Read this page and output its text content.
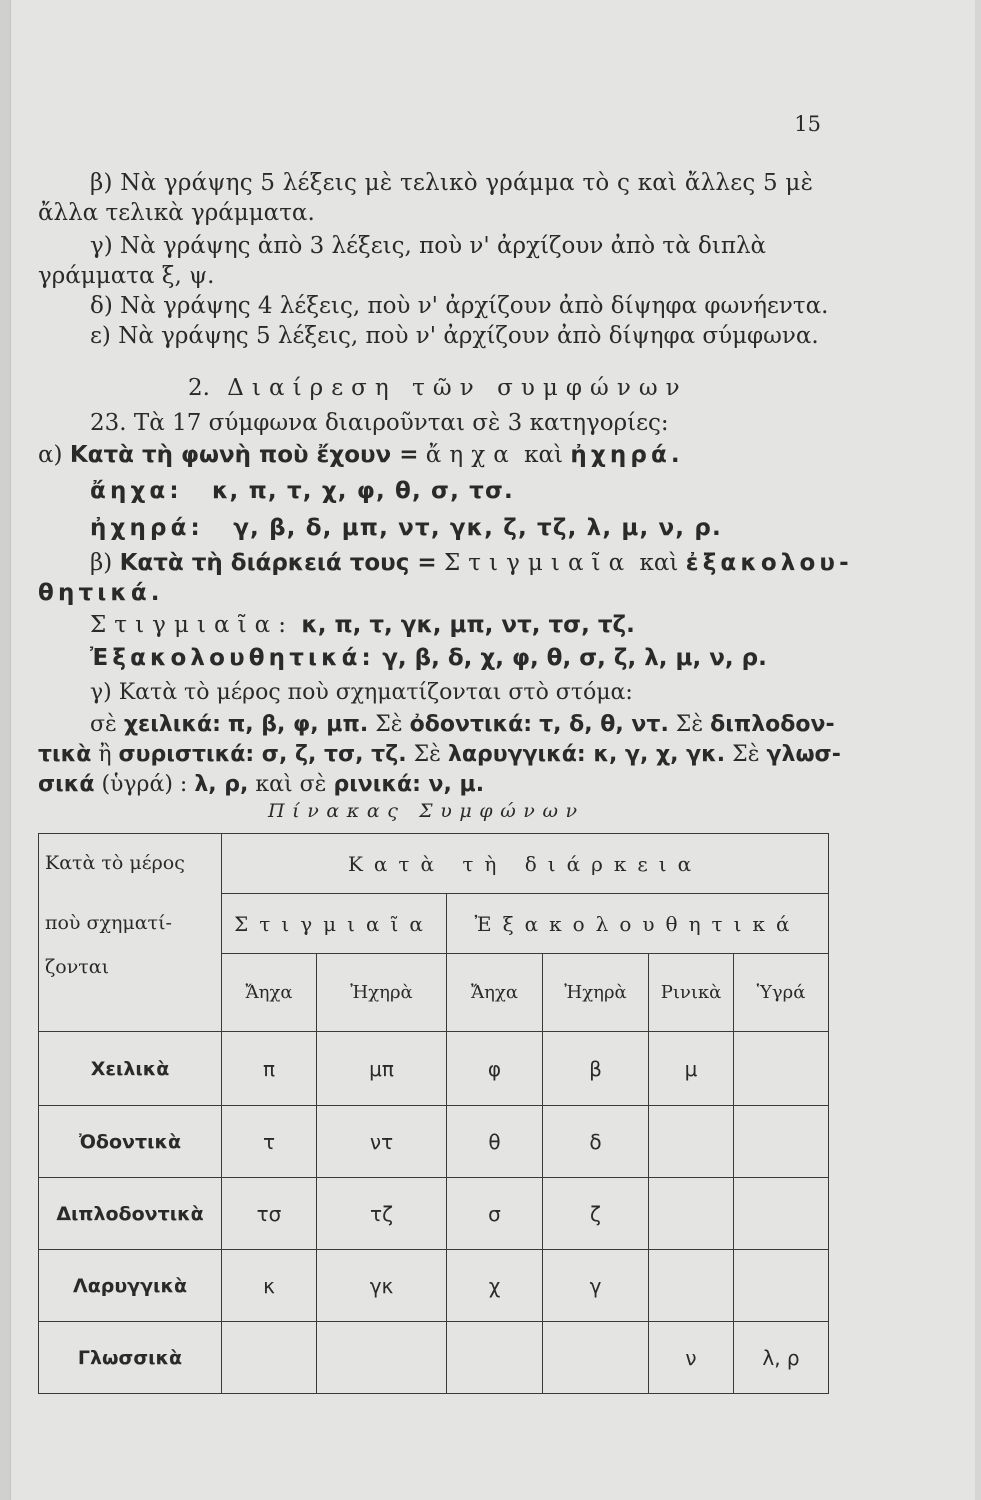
15
β) Νὰ γράψης 5 λέξεις μὲ τελικὸ γράμμα τὸ ς καὶ ἄλλες 5 μὲ
ἄλλα τελικὰ γράμματα.
γ) Νὰ γράψης ἀπὸ 3 λέξεις, ποὺ ν' ἀρχίζουν ἀπὸ τὰ διπλὰ
γράμματα ξ, ψ.
δ) Νὰ γράψης 4 λέξεις, ποὺ ν' ἀρχίζουν ἀπὸ δίψηφα φωνήεντα.
ε) Νὰ γράψης 5 λέξεις, ποὺ ν' ἀρχίζουν ἀπὸ δίψηφα σύμφωνα.
2. Διαίρεση τῶν συμφώνων
23. Τὰ 17 σύμφωνα διαιροῦνται σὲ 3 κατηγορίες:
α) Κατὰ τὴ φωνὴ ποὺ ἔχουν = ἄηχα καὶ ἠχηρά.
ἄηχα: κ, π, τ, χ, φ, θ, σ, τσ.
ἠχηρά: γ, β, δ, μπ, ντ, γκ, ζ, τζ, λ, μ, ν, ρ.
β) Κατὰ τὴ διάρκειά τους = Στιγμιαῖα καὶ ἐξακολου-
θητικά.
Στιγμιαῖα: κ, π, τ, γκ, μπ, ντ, τσ, τζ.
Ἐξακολουθητικά: γ, β, δ, χ, φ, θ, σ, ζ, λ, μ, ν, ρ.
γ) Κατὰ τὸ μέρος ποὺ σχηματίζονται στὸ στόμα:
σὲ χειλικά: π, β, φ, μπ. Σὲ ὀδοντικά: τ, δ, θ, ντ. Σὲ διπλοδον-
τικὰ ἢ συριστικά: σ, ζ, τσ, τζ. Σὲ λαρυγγικά: κ, γ, χ, γκ. Σὲ γλωσ-
σικά (ὑγρά) : λ, ρ, καὶ σὲ ρινικά: ν, μ.
Πίνακας Συμφώνων
Κατὰ τὸ μέρος	Κατὰ τὴ διάρκεια					
ποὺ σχηματί-	Στιγμιαῖα		Ἐξακολουθητικά			
ζονται	Ἄηχα	Ἠχηρὰ	Ἄηχα	Ἠχηρὰ	Ρινικὰ	Ὑγρά
Χειλικὰ	π	μπ	φ	β	μ	
Ὀδοντικὰ	τ	ντ	θ	δ		
Διπλοδοντικὰ	τσ	τζ	σ	ζ		
Λαρυγγικὰ	κ	γκ	χ	γ		
Γλωσσικὰ					ν	λ, ρ
